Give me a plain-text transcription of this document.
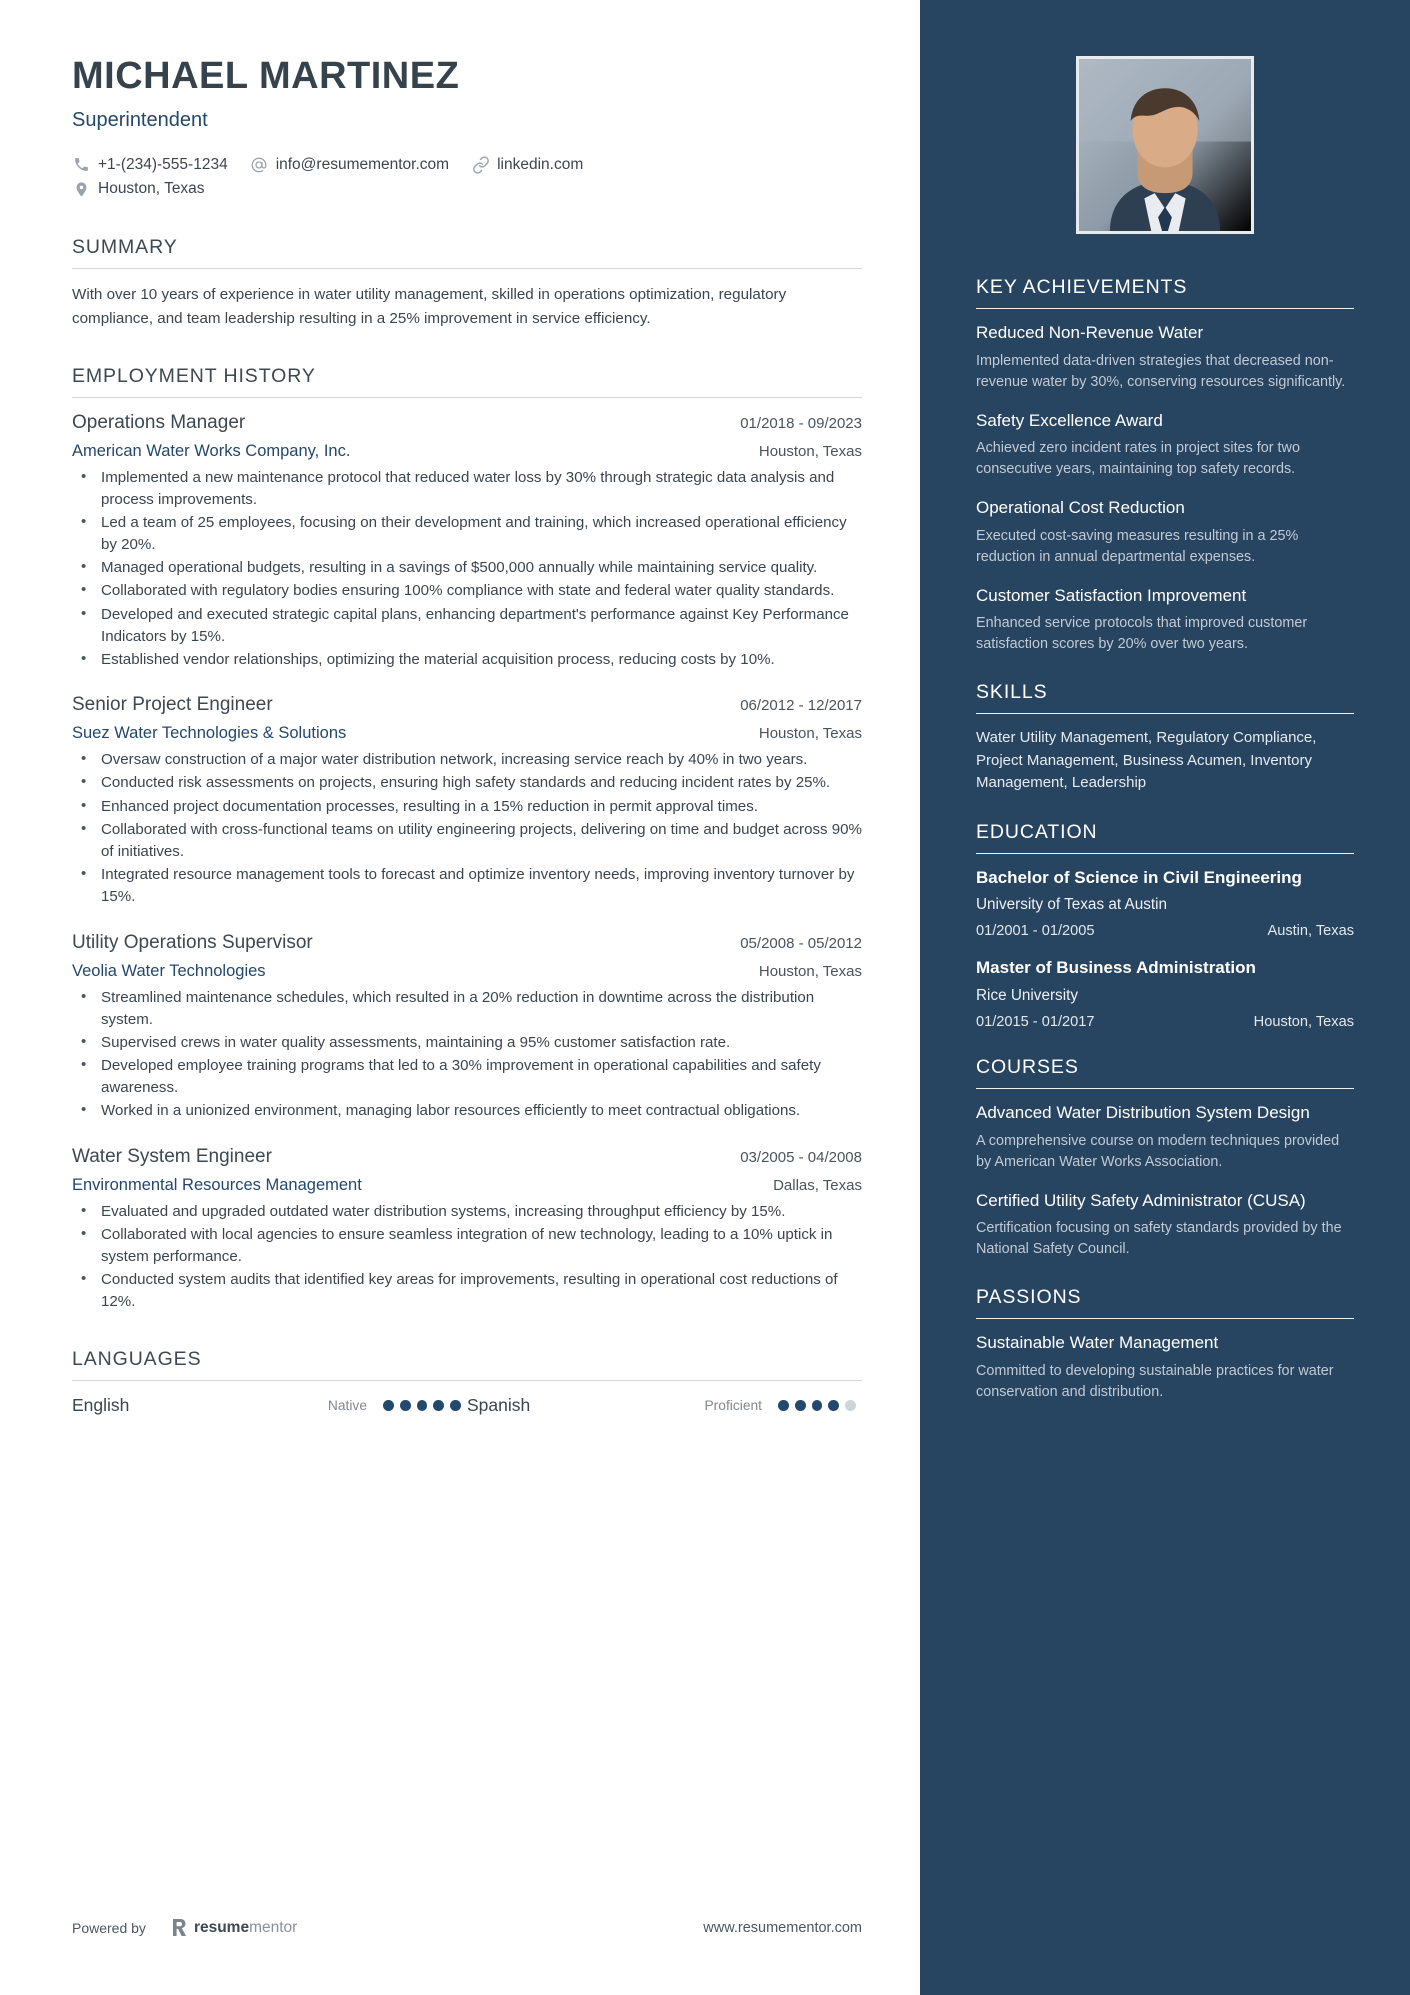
MICHAEL MARTINEZ
Superintendent
+1-(234)-555-1234	info@resumementor.com	linkedin.com
Houston, Texas
SUMMARY
With over 10 years of experience in water utility management, skilled in operations optimization, regulatory compliance, and team leadership resulting in a 25% improvement in service efficiency.
EMPLOYMENT HISTORY
Operations Manager	01/2018 - 09/2023
American Water Works Company, Inc.	Houston, Texas
• Implemented a new maintenance protocol that reduced water loss by 30% through strategic data analysis and process improvements.
• Led a team of 25 employees, focusing on their development and training, which increased operational efficiency by 20%.
• Managed operational budgets, resulting in a savings of $500,000 annually while maintaining service quality.
• Collaborated with regulatory bodies ensuring 100% compliance with state and federal water quality standards.
• Developed and executed strategic capital plans, enhancing department's performance against Key Performance Indicators by 15%.
• Established vendor relationships, optimizing the material acquisition process, reducing costs by 10%.
Senior Project Engineer	06/2012 - 12/2017
Suez Water Technologies & Solutions	Houston, Texas
• Oversaw construction of a major water distribution network, increasing service reach by 40% in two years.
• Conducted risk assessments on projects, ensuring high safety standards and reducing incident rates by 25%.
• Enhanced project documentation processes, resulting in a 15% reduction in permit approval times.
• Collaborated with cross-functional teams on utility engineering projects, delivering on time and budget across 90% of initiatives.
• Integrated resource management tools to forecast and optimize inventory needs, improving inventory turnover by 15%.
Utility Operations Supervisor	05/2008 - 05/2012
Veolia Water Technologies	Houston, Texas
• Streamlined maintenance schedules, which resulted in a 20% reduction in downtime across the distribution system.
• Supervised crews in water quality assessments, maintaining a 95% customer satisfaction rate.
• Developed employee training programs that led to a 30% improvement in operational capabilities and safety awareness.
• Worked in a unionized environment, managing labor resources efficiently to meet contractual obligations.
Water System Engineer	03/2005 - 04/2008
Environmental Resources Management	Dallas, Texas
• Evaluated and upgraded outdated water distribution systems, increasing throughput efficiency by 15%.
• Collaborated with local agencies to ensure seamless integration of new technology, leading to a 10% uptick in system performance.
• Conducted system audits that identified key areas for improvements, resulting in operational cost reductions of 12%.
LANGUAGES
English	Native	Spanish	Proficient
Powered by	resume mentor	www.resumementor.com
KEY ACHIEVEMENTS
Reduced Non-Revenue Water
Implemented data-driven strategies that decreased non-revenue water by 30%, conserving resources significantly.
Safety Excellence Award
Achieved zero incident rates in project sites for two consecutive years, maintaining top safety records.
Operational Cost Reduction
Executed cost-saving measures resulting in a 25% reduction in annual departmental expenses.
Customer Satisfaction Improvement
Enhanced service protocols that improved customer satisfaction scores by 20% over two years.
SKILLS
Water Utility Management, Regulatory Compliance, Project Management, Business Acumen, Inventory Management, Leadership
EDUCATION
Bachelor of Science in Civil Engineering
University of Texas at Austin
01/2001 - 01/2005	Austin, Texas
Master of Business Administration
Rice University
01/2015 - 01/2017	Houston, Texas
COURSES
Advanced Water Distribution System Design
A comprehensive course on modern techniques provided by American Water Works Association.
Certified Utility Safety Administrator (CUSA)
Certification focusing on safety standards provided by the National Safety Council.
PASSIONS
Sustainable Water Management
Committed to developing sustainable practices for water conservation and distribution.
